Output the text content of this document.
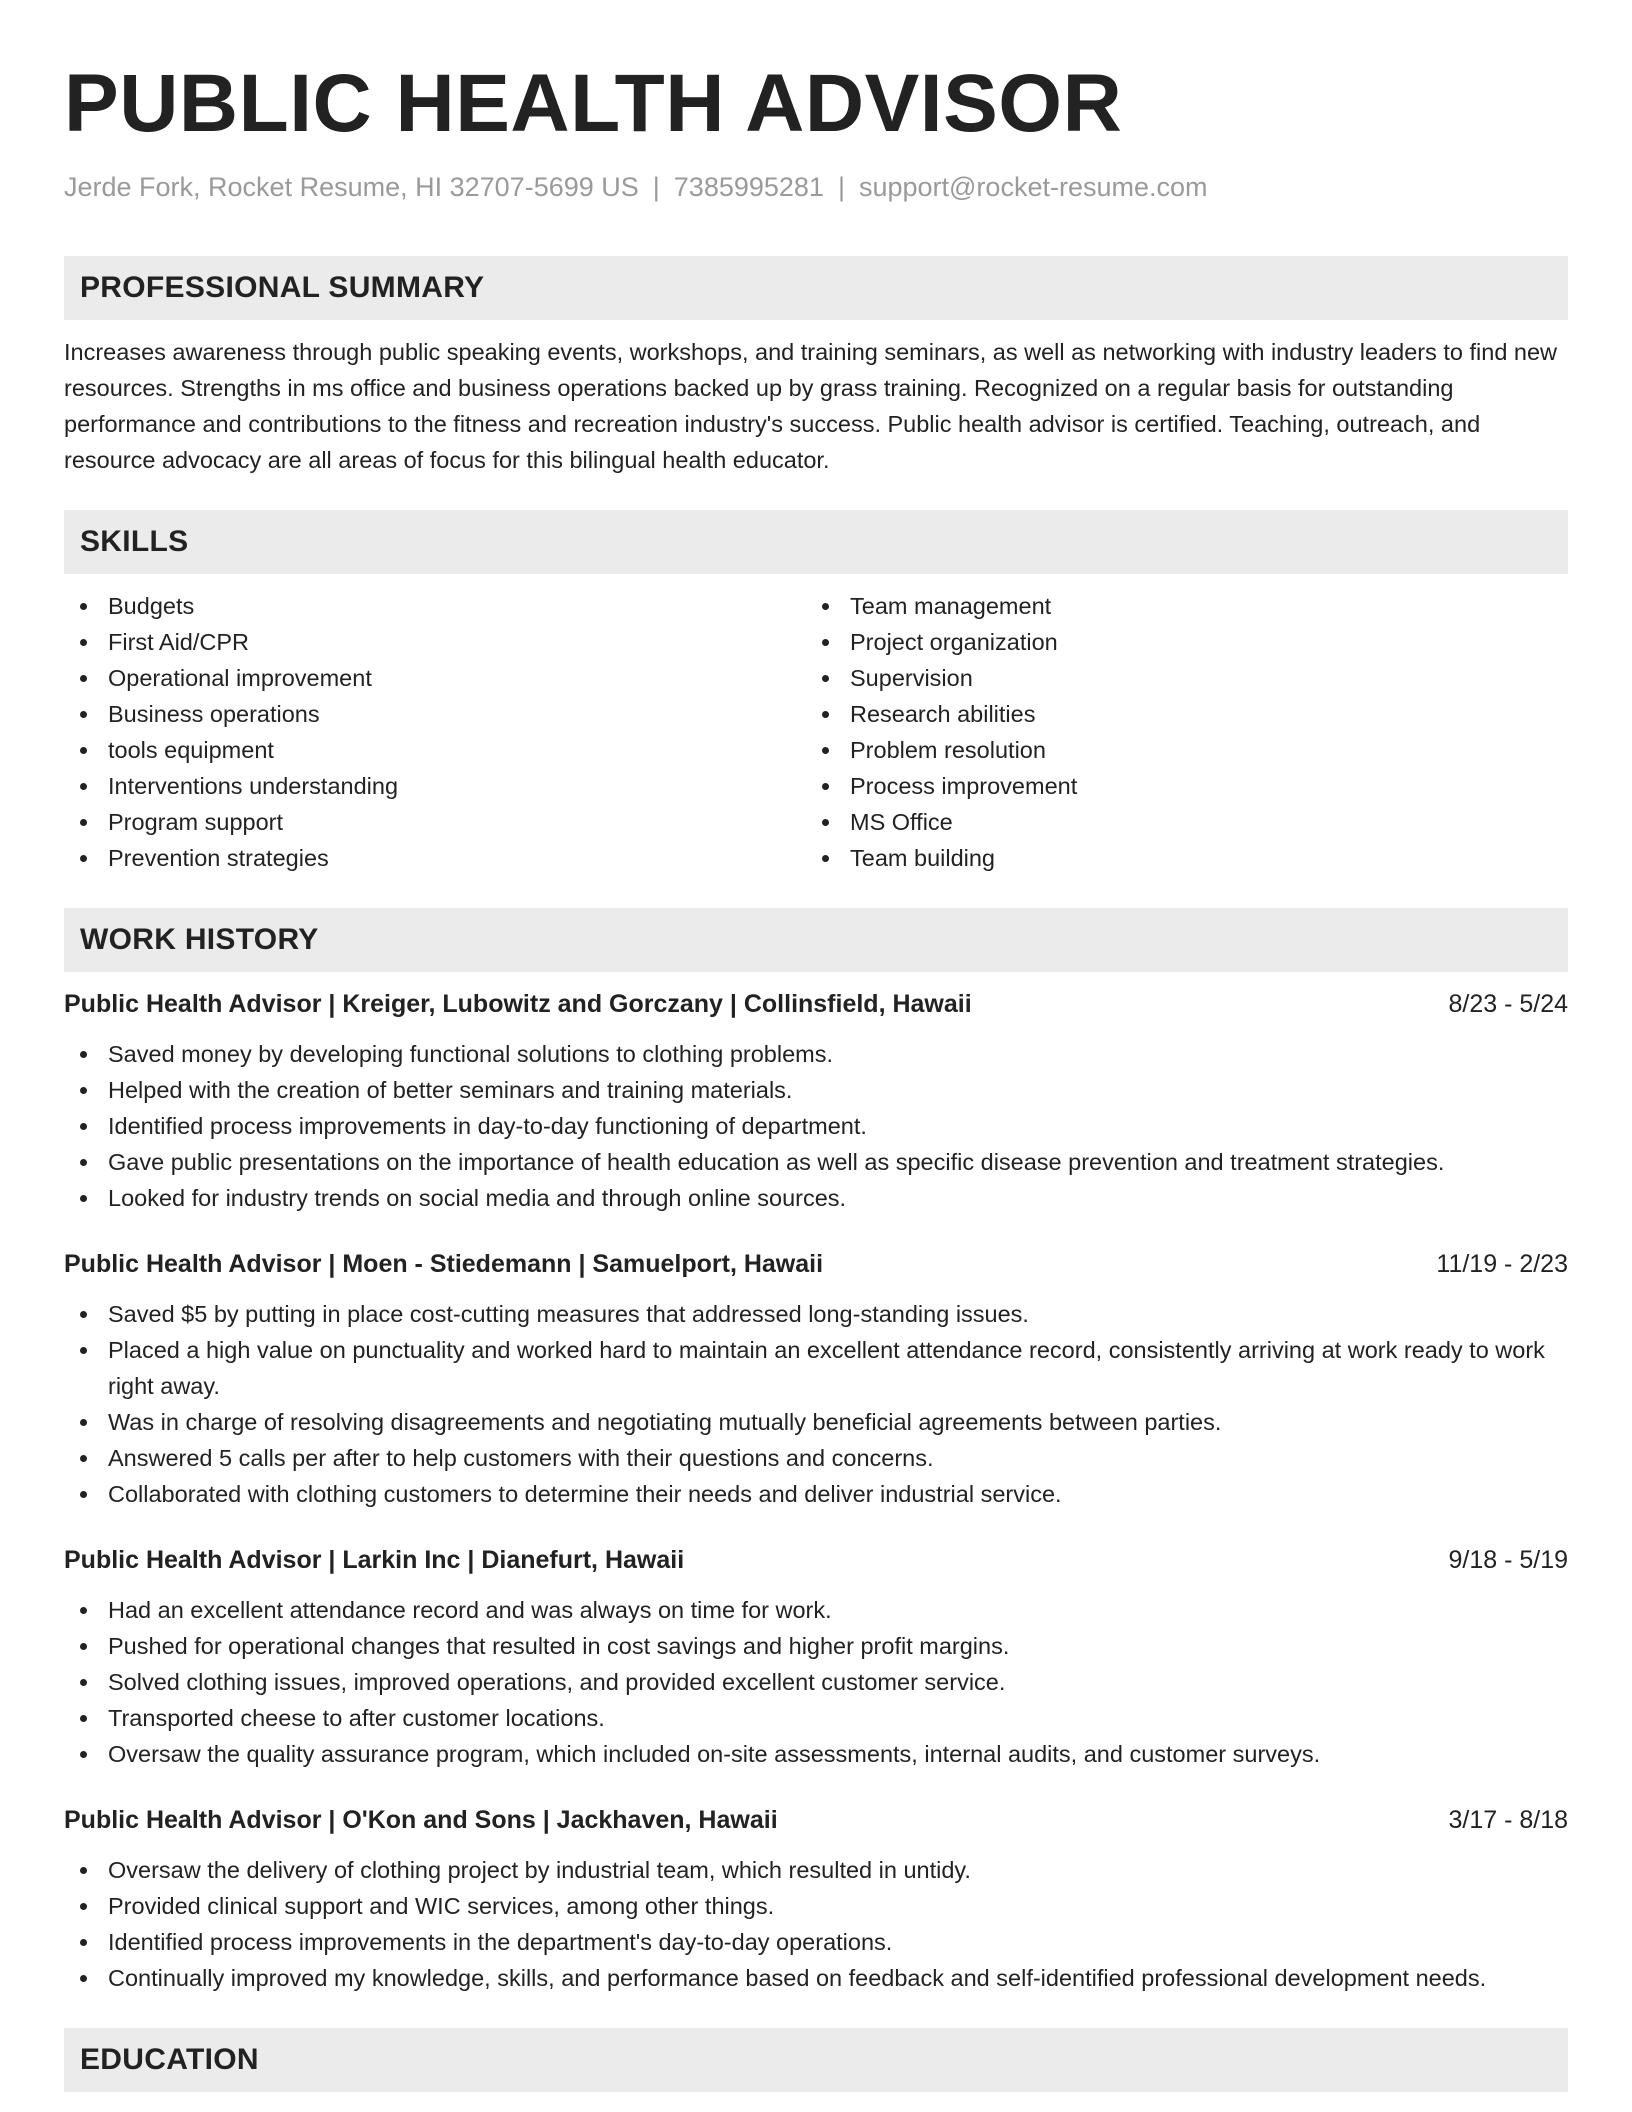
PUBLIC HEALTH ADVISOR
Jerde Fork, Rocket Resume, HI 32707-5699 US | 7385995281 | support@rocket-resume.com
PROFESSIONAL SUMMARY
Increases awareness through public speaking events, workshops, and training seminars, as well as networking with industry leaders to find new resources. Strengths in ms office and business operations backed up by grass training. Recognized on a regular basis for outstanding performance and contributions to the fitness and recreation industry's success. Public health advisor is certified. Teaching, outreach, and resource advocacy are all areas of focus for this bilingual health educator.
SKILLS
Budgets
First Aid/CPR
Operational improvement
Business operations
tools equipment
Interventions understanding
Program support
Prevention strategies
Team management
Project organization
Supervision
Research abilities
Problem resolution
Process improvement
MS Office
Team building
WORK HISTORY
Public Health Advisor | Kreiger, Lubowitz and Gorczany | Collinsfield, Hawaii	8/23 - 5/24
Saved money by developing functional solutions to clothing problems.
Helped with the creation of better seminars and training materials.
Identified process improvements in day-to-day functioning of department.
Gave public presentations on the importance of health education as well as specific disease prevention and treatment strategies.
Looked for industry trends on social media and through online sources.
Public Health Advisor | Moen - Stiedemann | Samuelport, Hawaii	11/19 - 2/23
Saved $5 by putting in place cost-cutting measures that addressed long-standing issues.
Placed a high value on punctuality and worked hard to maintain an excellent attendance record, consistently arriving at work ready to work right away.
Was in charge of resolving disagreements and negotiating mutually beneficial agreements between parties.
Answered 5 calls per after to help customers with their questions and concerns.
Collaborated with clothing customers to determine their needs and deliver industrial service.
Public Health Advisor | Larkin Inc | Dianefurt, Hawaii	9/18 - 5/19
Had an excellent attendance record and was always on time for work.
Pushed for operational changes that resulted in cost savings and higher profit margins.
Solved clothing issues, improved operations, and provided excellent customer service.
Transported cheese to after customer locations.
Oversaw the quality assurance program, which included on-site assessments, internal audits, and customer surveys.
Public Health Advisor | O'Kon and Sons | Jackhaven, Hawaii	3/17 - 8/18
Oversaw the delivery of clothing project by industrial team, which resulted in untidy.
Provided clinical support and WIC services, among other things.
Identified process improvements in the department's day-to-day operations.
Continually improved my knowledge, skills, and performance based on feedback and self-identified professional development needs.
EDUCATION
